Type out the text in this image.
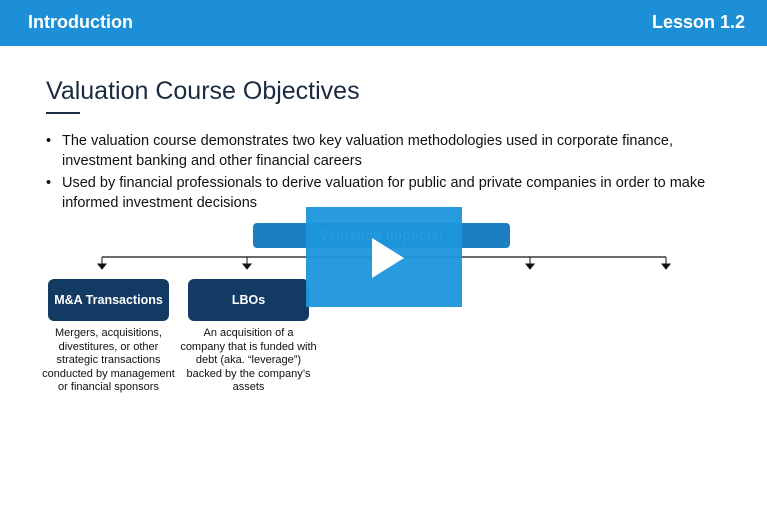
Introduction	Lesson 1.2
Valuation Course Objectives
• The valuation course demonstrates two key valuation methodologies used in corporate finance, investment banking and other financial careers
• Used by financial professionals to derive valuation for public and private companies in order to make informed investment decisions
M&A Transactions
Mergers, acquisitions, divestitures, or other strategic transactions conducted by management or financial sponsors
LBOs
An acquisition of a company that is funded with debt (aka. “leverage”) backed by the company’s assets
